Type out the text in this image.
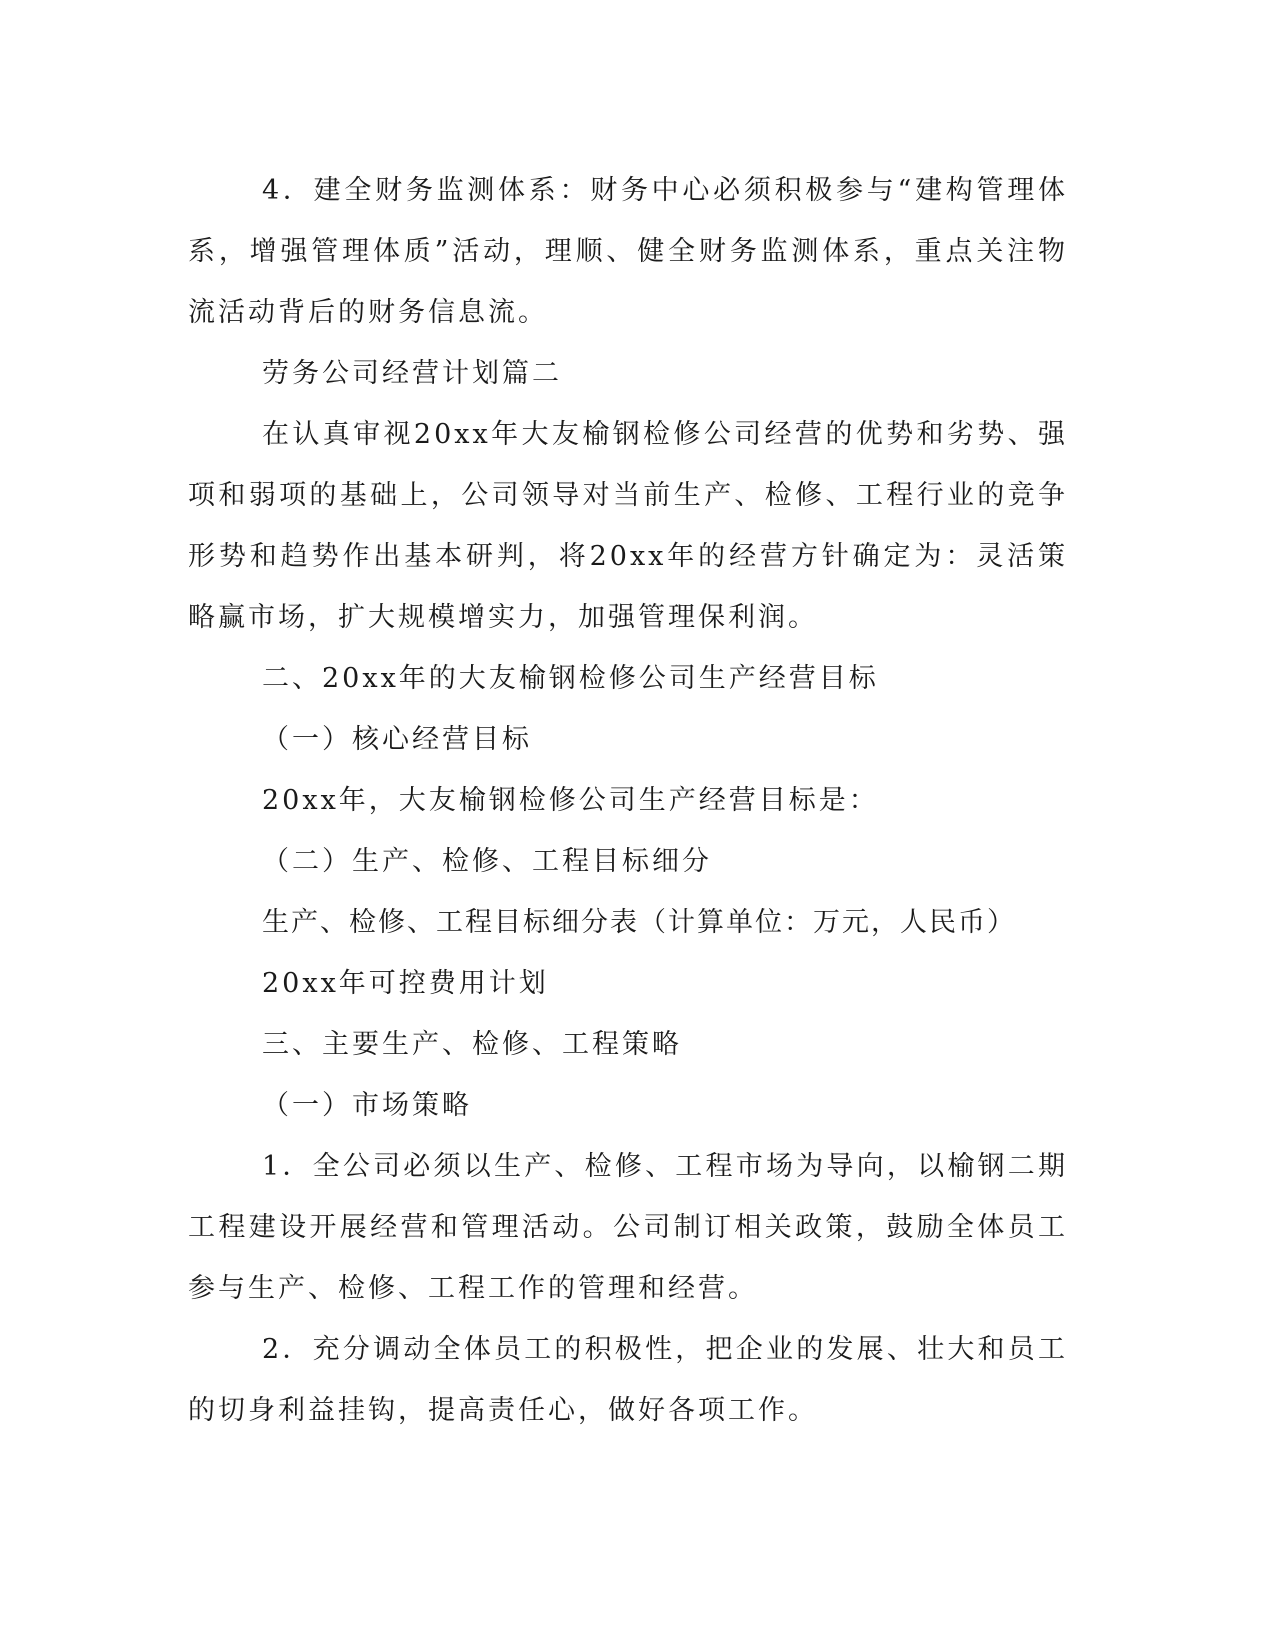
4．建全财务监测体系：财务中心必须积极参与“建构管理体系，增强管理体质”活动，理顺、健全财务监测体系，重点关注物流活动背后的财务信息流。

劳务公司经营计划篇二

在认真审视20xx年大友榆钢检修公司经营的优势和劣势、强项和弱项的基础上，公司领导对当前生产、检修、工程行业的竞争形势和趋势作出基本研判，将20xx年的经营方针确定为：灵活策略赢市场，扩大规模增实力，加强管理保利润。

二、20xx年的大友榆钢检修公司生产经营目标

（一）核心经营目标

20xx年，大友榆钢检修公司生产经营目标是：

（二）生产、检修、工程目标细分

生产、检修、工程目标细分表（计算单位：万元，人民币）

20xx年可控费用计划

三、主要生产、检修、工程策略

（一）市场策略

1．全公司必须以生产、检修、工程市场为导向，以榆钢二期工程建设开展经营和管理活动。公司制订相关政策，鼓励全体员工参与生产、检修、工程工作的管理和经营。

2．充分调动全体员工的积极性，把企业的发展、壮大和员工的切身利益挂钩，提高责任心，做好各项工作。
